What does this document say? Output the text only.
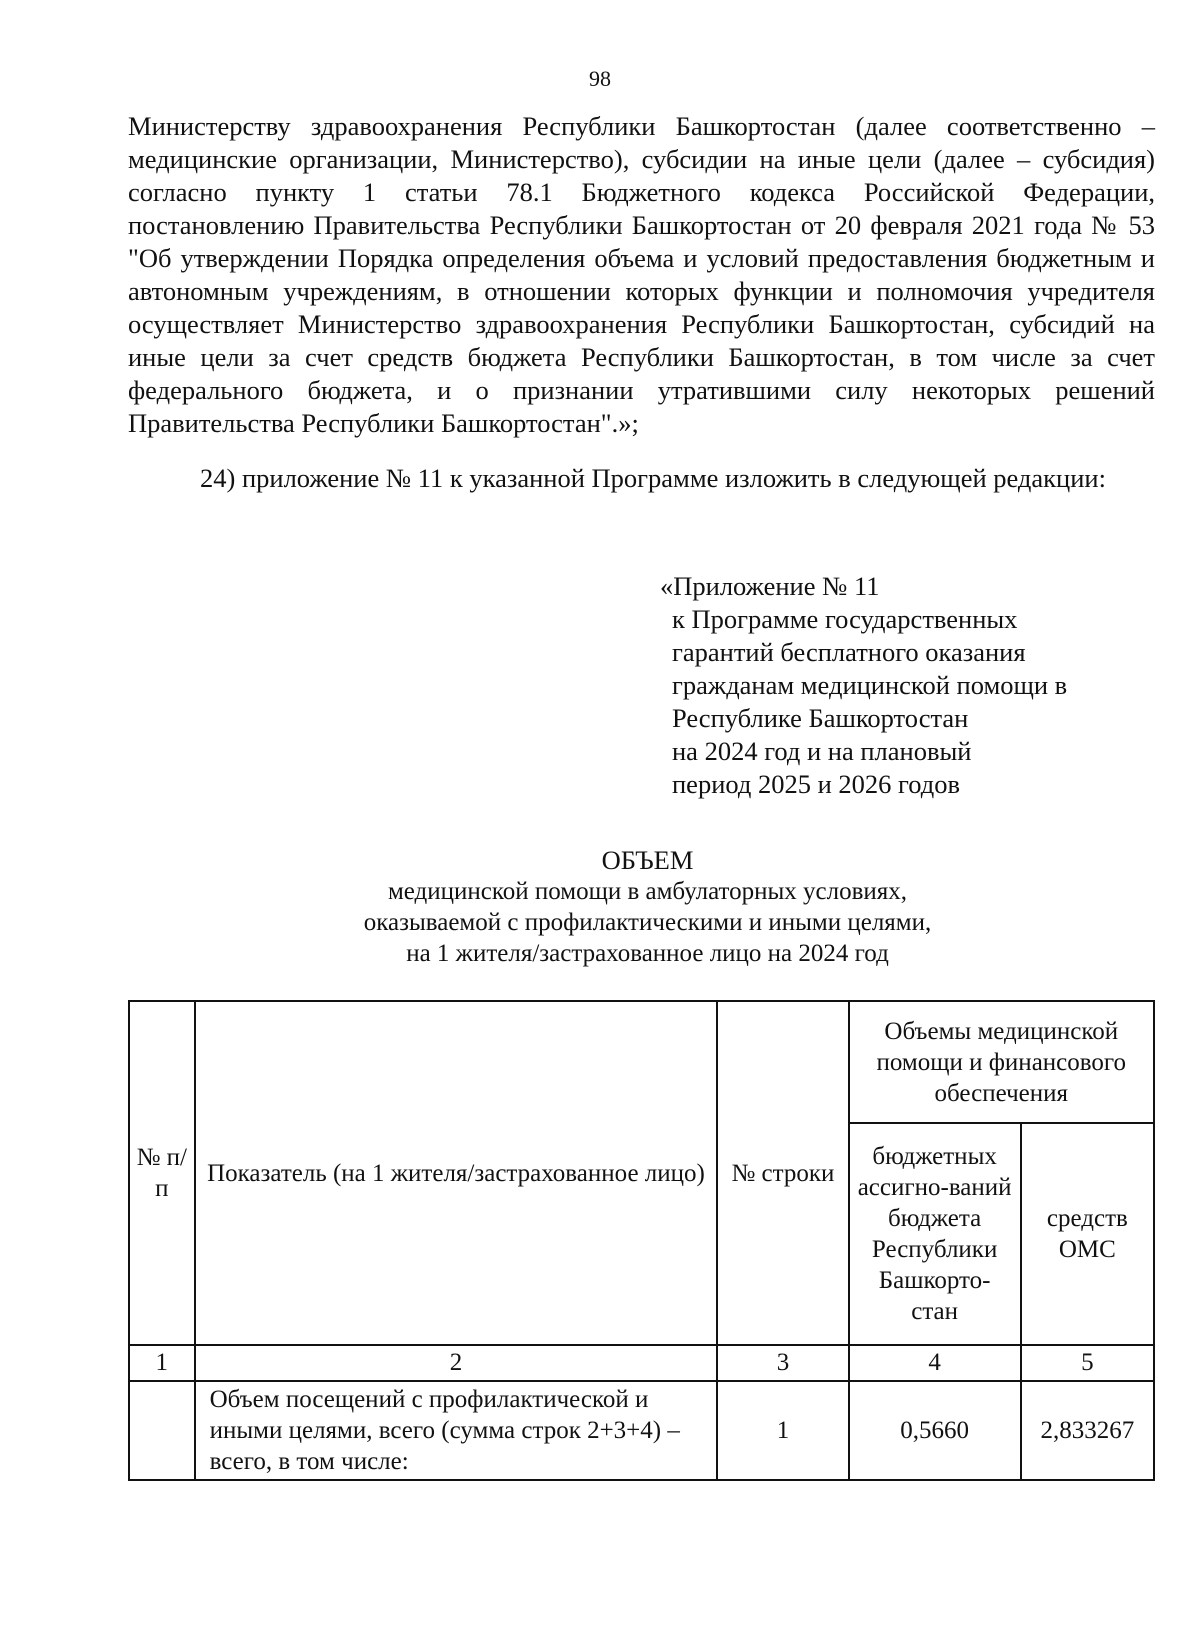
98
Министерству здравоохранения Республики Башкортостан (далее соответственно – медицинские организации, Министерство), субсидии на иные цели (далее – субсидия) согласно пункту 1 статьи 78.1 Бюджетного кодекса Российской Федерации, постановлению Правительства Республики Башкортостан от 20 февраля 2021 года № 53 "Об утверждении Порядка определения объема и условий предоставления бюджетным и автономным учреждениям, в отношении которых функции и полномочия учредителя осуществляет Министерство здравоохранения Республики Башкортостан, субсидий на иные цели за счет средств бюджета Республики Башкортостан, в том числе за счет федерального бюджета, и о признании утратившими силу некоторых решений Правительства Республики Башкортостан".»;
24) приложение № 11 к указанной Программе изложить в следующей редакции:
«Приложение № 11
к Программе государственных
гарантий бесплатного оказания
гражданам медицинской помощи в
Республике Башкортостан
на 2024 год и на плановый
период 2025 и 2026 годов
ОБЪЕМ
медицинской помощи в амбулаторных условиях,
оказываемой с профилактическими и иными целями,
на 1 жителя/застрахованное лицо на 2024 год
№ п/п	Показатель (на 1 жителя/застрахованное лицо)	№ строки	Объемы медицинской помощи и финансового обеспечения	
			бюджетных ассигно-ваний бюджета Республики Башкорто-стан	средств ОМС
1	2	3	4	5
	Объем посещений с профилактической и иными целями, всего (сумма строк 2+3+4) – всего, в том числе:	1	0,5660	2,833267
